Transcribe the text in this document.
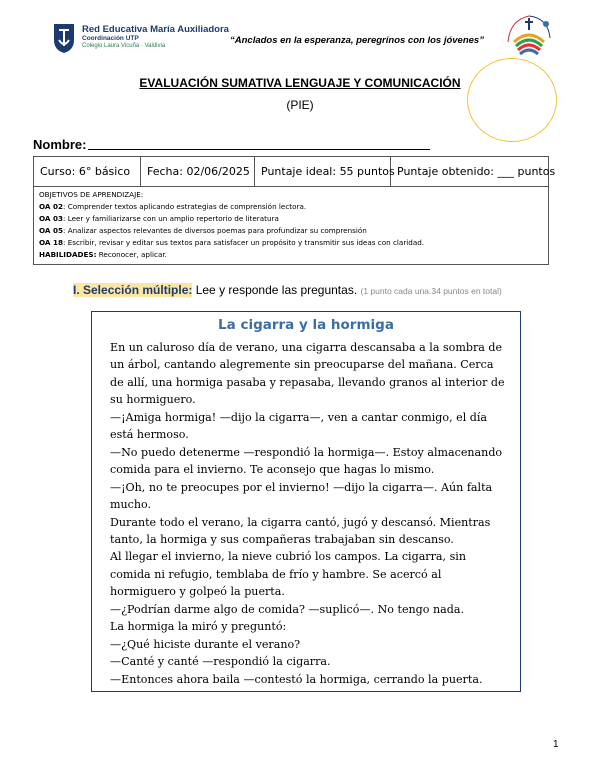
Red Educativa María Auxiliadora
Coordinación UTP
Colegio Laura Vicuña · Valdivia	“Anclados en la esperanza, peregrinos con los jóvenes”
EVALUACIÓN SUMATIVA LENGUAJE Y COMUNICACIÓN
(PIE)
Nombre:
Curso: 6° básico	Fecha: 02/06/2025	Puntaje ideal: 55 puntos Puntaje obtenido: ___ puntos
OBJETIVOS DE APRENDIZAJE:
OA 02: Comprender textos aplicando estrategias de comprensión lectora.
OA 03: Leer y familiarizarse con un amplio repertorio de literatura
OA 05: Analizar aspectos relevantes de diversos poemas para profundizar su comprensión
OA 18: Escribir, revisar y editar sus textos para satisfacer un propósito y transmitir sus ideas con claridad.
HABILIDADES: Reconocer, aplicar.
I. Selección múltiple: Lee y responde las preguntas. (1 punto cada una.34 puntos en total)
La cigarra y la hormiga

En un caluroso día de verano, una cigarra descansaba a la sombra de un árbol, cantando alegremente sin preocuparse del mañana. Cerca de allí, una hormiga pasaba y repasaba, llevando granos al interior de su hormiguero.

—¡Amiga hormiga! —dijo la cigarra—, ven a cantar conmigo, el día está hermoso.

—No puedo detenerme —respondió la hormiga—. Estoy almacenando comida para el invierno. Te aconsejo que hagas lo mismo.

—¡Oh, no te preocupes por el invierno! —dijo la cigarra—. Aún falta mucho.

Durante todo el verano, la cigarra cantó, jugó y descansó. Mientras tanto, la hormiga y sus compañeras trabajaban sin descanso.

Al llegar el invierno, la nieve cubrió los campos. La cigarra, sin comida ni refugio, temblaba de frío y hambre. Se acercó al hormiguero y golpeó la puerta.

—¿Podrían darme algo de comida? —suplicó—. No tengo nada.

La hormiga la miró y preguntó:

—¿Qué hiciste durante el verano?

—Canté y canté —respondió la cigarra.

—Entonces ahora baila —contestó la hormiga, cerrando la puerta.

1
